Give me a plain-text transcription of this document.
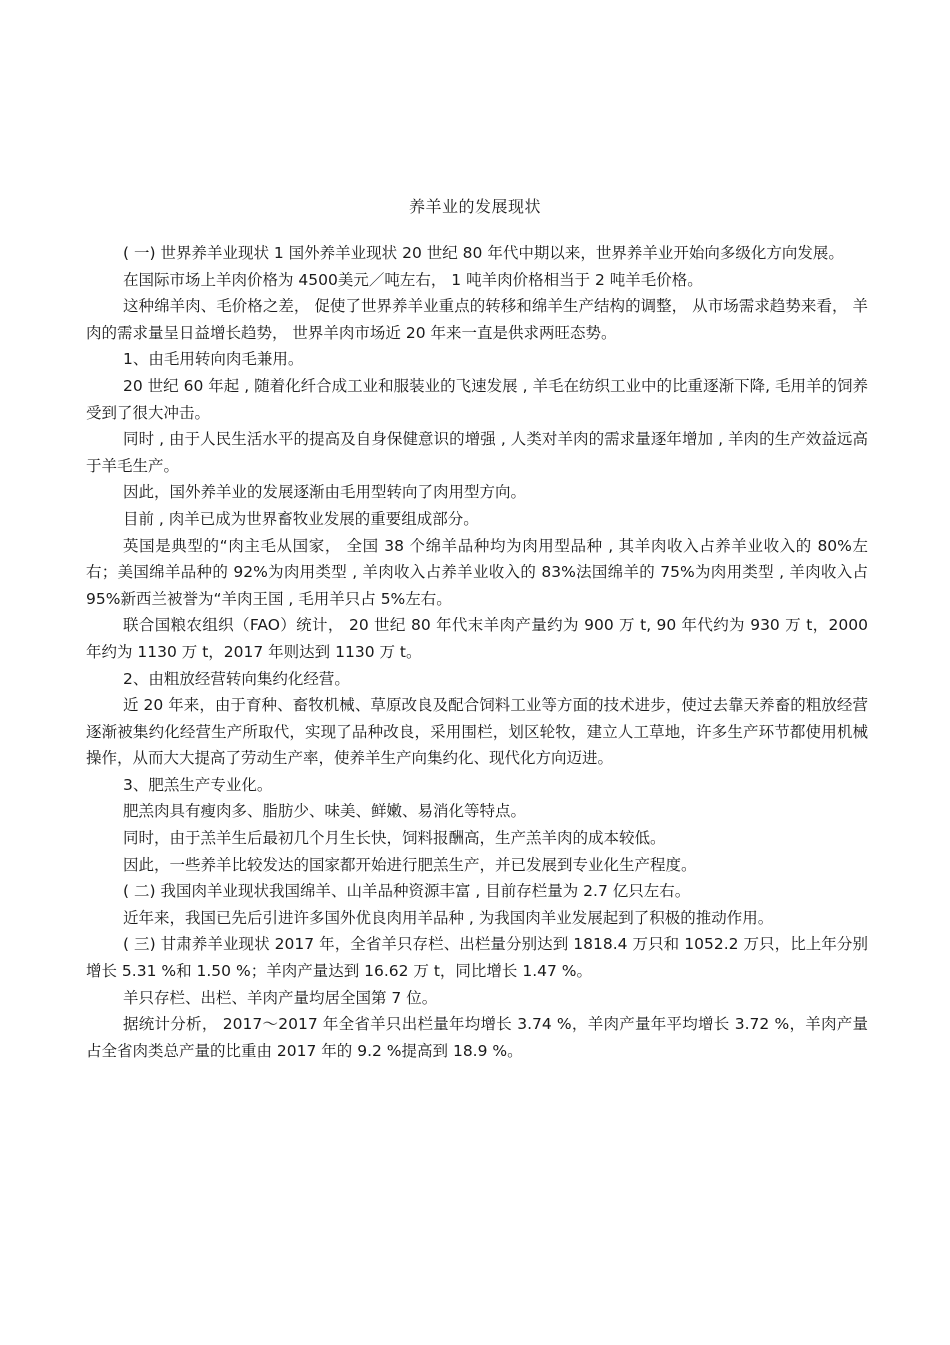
养羊业的发展现状

( 一) 世界养羊业现状 1 国外养羊业现状 20 世纪 80 年代中期以来，世界养羊业开始向多级化方向发展。

在国际市场上羊肉价格为 4500美元／吨左右， 1 吨羊肉价格相当于 2 吨羊毛价格。

这种绵羊肉、毛价格之差， 促使了世界养羊业重点的转移和绵羊生产结构的调整， 从市场需求趋势来看， 羊肉的需求量呈日益增长趋势， 世界羊肉市场近 20 年来一直是供求两旺态势。

1、由毛用转向肉毛兼用。

20 世纪 60 年起 , 随着化纤合成工业和服装业的飞速发展 , 羊毛在纺织工业中的比重逐渐下降, 毛用羊的饲养受到了很大冲击。

同时 , 由于人民生活水平的提高及自身保健意识的增强 , 人类对羊肉的需求量逐年增加 , 羊肉的生产效益远高于羊毛生产。

因此，国外养羊业的发展逐渐由毛用型转向了肉用型方向。

目前 , 肉羊已成为世界畜牧业发展的重要组成部分。

英国是典型的“肉主毛从国家， 全国 38 个绵羊品种均为肉用型品种 , 其羊肉收入占养羊业收入的 80%左右；美国绵羊品种的 92%为肉用类型 , 羊肉收入占养羊业收入的 83%法国绵羊的 75%为肉用类型 , 羊肉收入占 95%新西兰被誉为“羊肉王国 , 毛用羊只占 5%左右。

联合国粮农组织（FAO）统计， 20 世纪 80 年代末羊肉产量约为 900 万 t, 90 年代约为 930 万 t，2000 年约为 1130 万 t，2017 年则达到 1130 万 t。

2、由粗放经营转向集约化经营。

近 20 年来，由于育种、畜牧机械、草原改良及配合饲料工业等方面的技术进步，使过去靠天养畜的粗放经营逐渐被集约化经营生产所取代，实现了品种改良，采用围栏，划区轮牧，建立人工草地，许多生产环节都使用机械操作，从而大大提高了劳动生产率，使养羊生产向集约化、现代化方向迈进。

3、肥羔生产专业化。

肥羔肉具有瘦肉多、脂肪少、味美、鲜嫩、易消化等特点。

同时，由于羔羊生后最初几个月生长快，饲料报酬高，生产羔羊肉的成本较低。

因此，一些养羊比较发达的国家都开始进行肥羔生产，并已发展到专业化生产程度。

( 二) 我国肉羊业现状我国绵羊、山羊品种资源丰富 , 目前存栏量为 2.7 亿只左右。

近年来，我国已先后引进许多国外优良肉用羊品种 , 为我国肉羊业发展起到了积极的推动作用。

( 三) 甘肃养羊业现状 2017 年，全省羊只存栏、出栏量分别达到 1818.4 万只和 1052.2 万只，比上年分别增长 5.31 %和 1.50 %；羊肉产量达到 16.62 万 t，同比增长 1.47 %。

羊只存栏、出栏、羊肉产量均居全国第 7 位。

据统计分析， 2017～2017 年全省羊只出栏量年均增长 3.74 %，羊肉产量年平均增长 3.72 %，羊肉产量占全省肉类总产量的比重由 2017 年的 9.2 %提高到 18.9 %。
